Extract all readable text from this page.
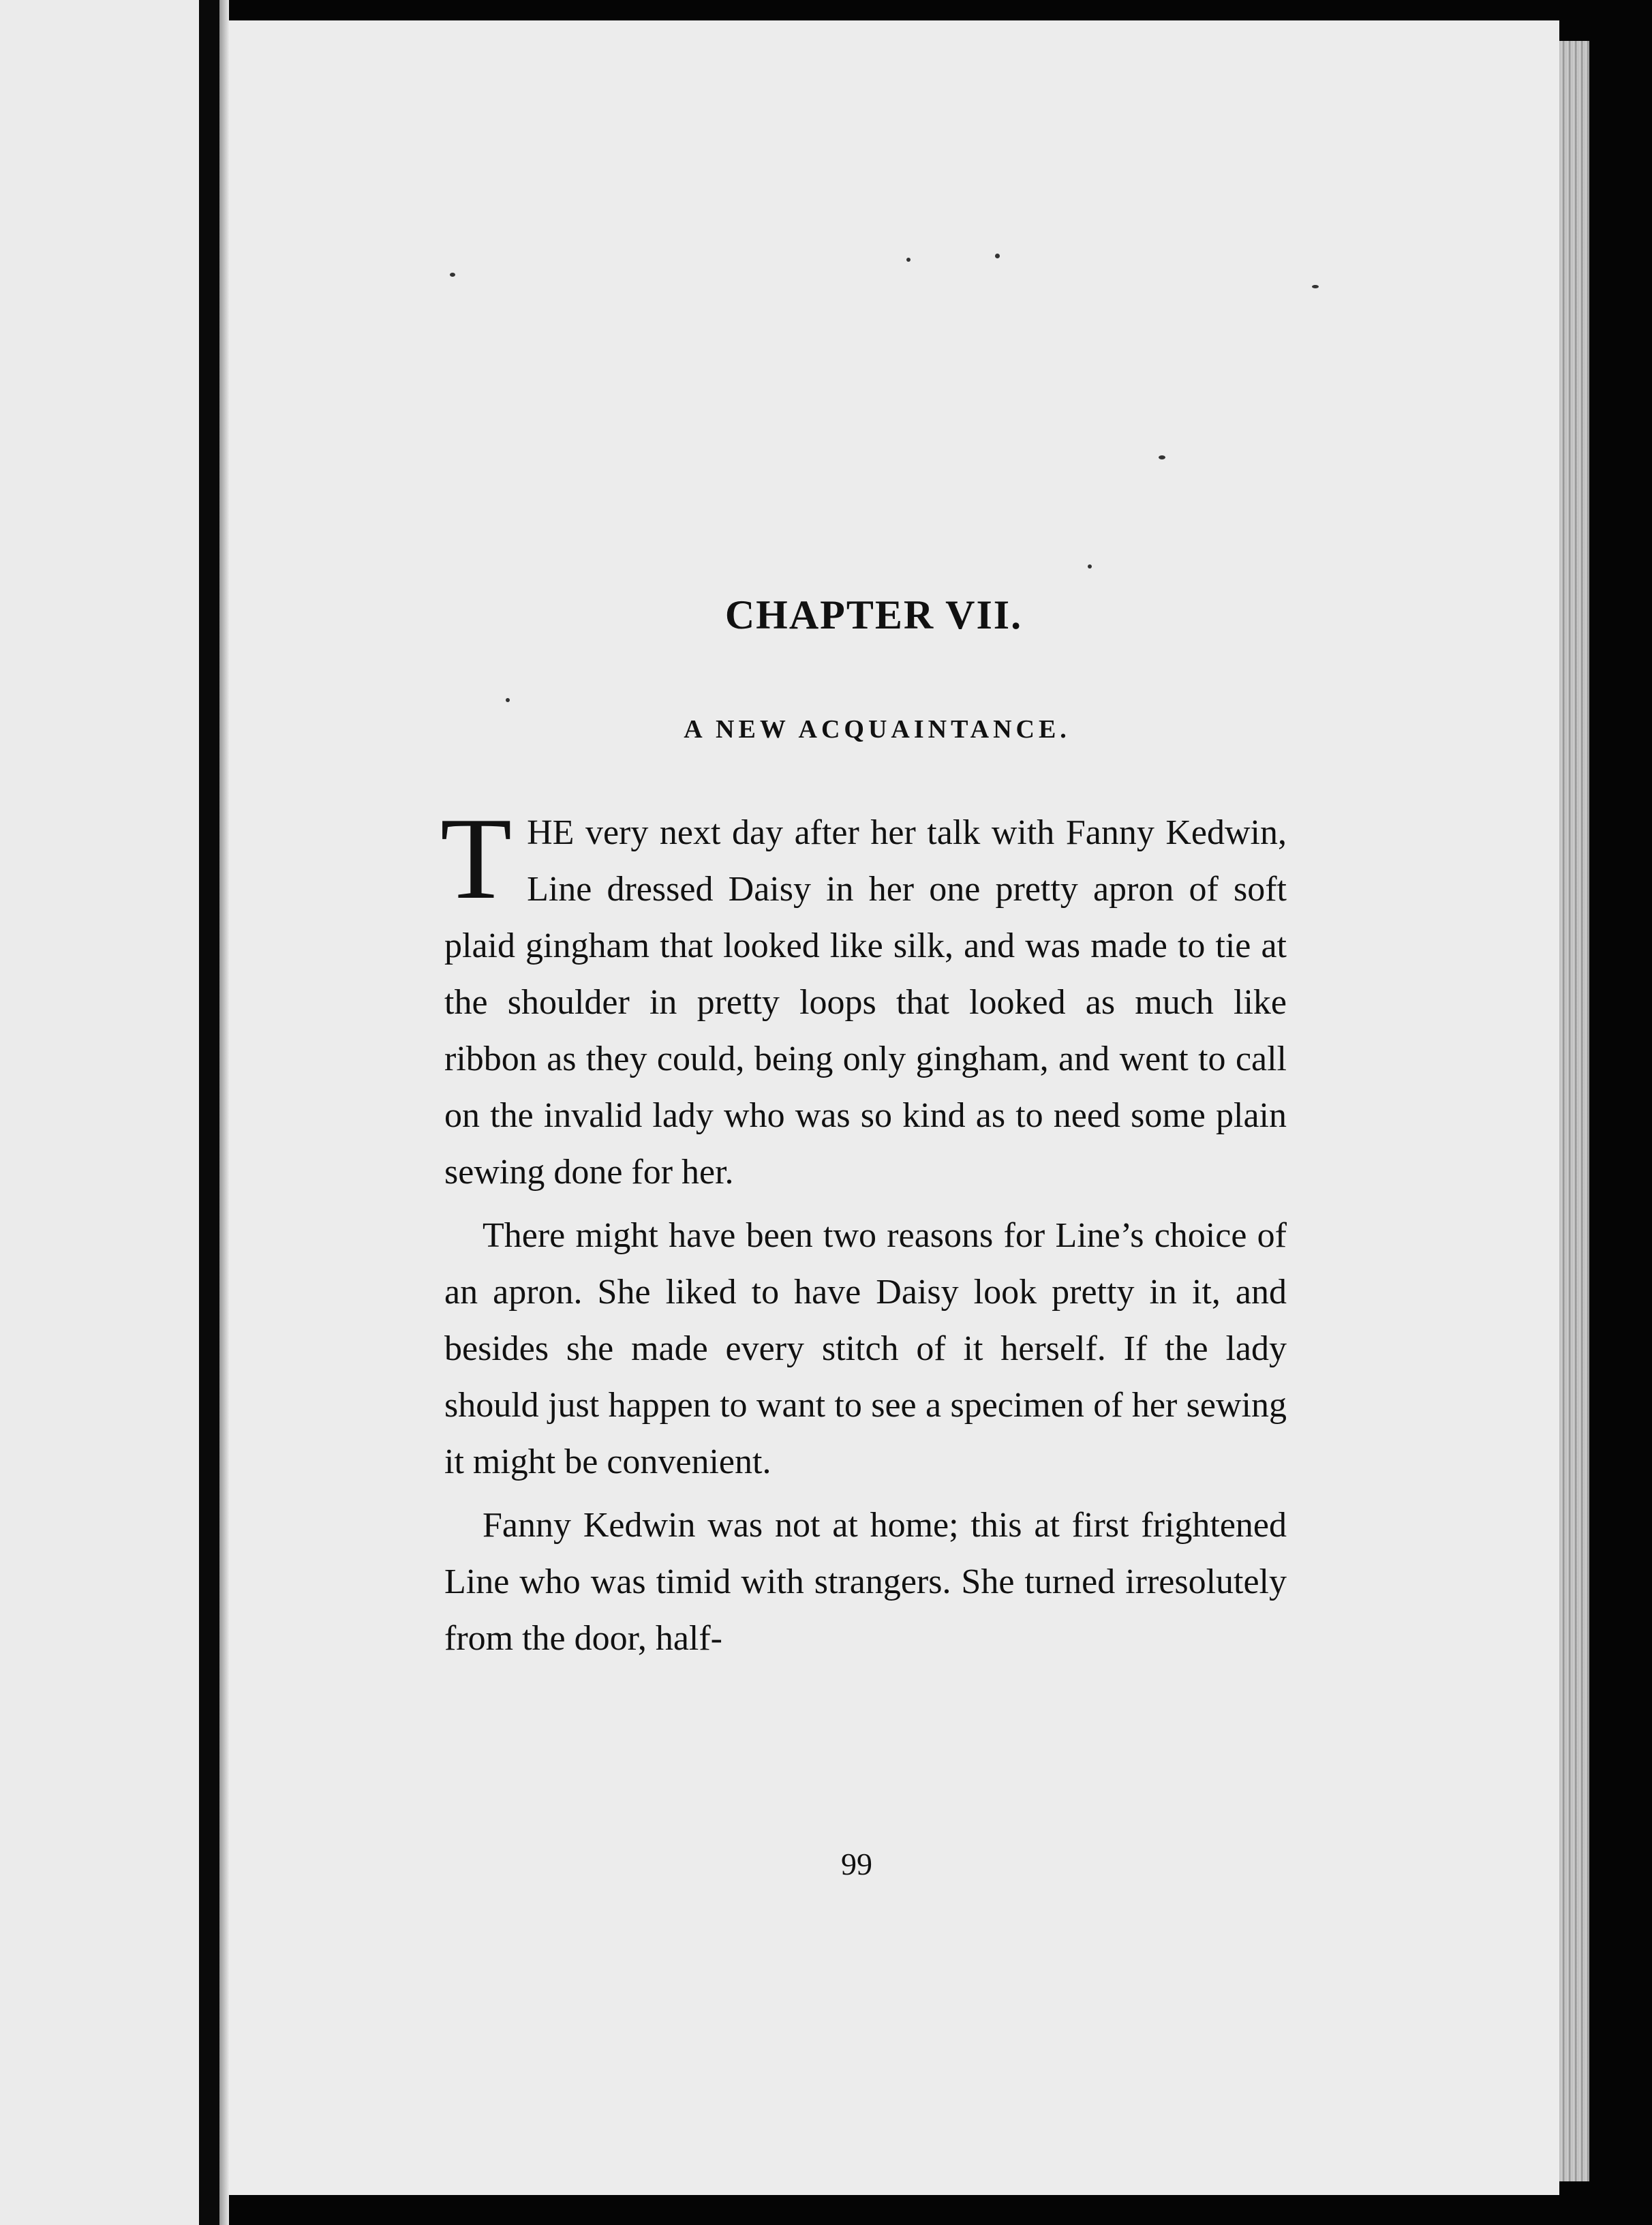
CHAPTER VII.
A NEW ACQUAINTANCE.

THE very next day after her talk with Fanny Kedwin, Line dressed Daisy in her one pretty apron of soft plaid gingham that looked like silk, and was made to tie at the shoulder in pretty loops that looked as much like ribbon as they could, being only gingham, and went to call on the invalid lady who was so kind as to need some plain sewing done for her.

There might have been two reasons for Line’s choice of an apron. She liked to have Daisy look pretty in it, and besides she made every stitch of it herself. If the lady should just happen to want to see a specimen of her sewing it might be convenient.

Fanny Kedwin was not at home; this at first frightened Line who was timid with strangers. She turned irresolutely from the door, half-

99
